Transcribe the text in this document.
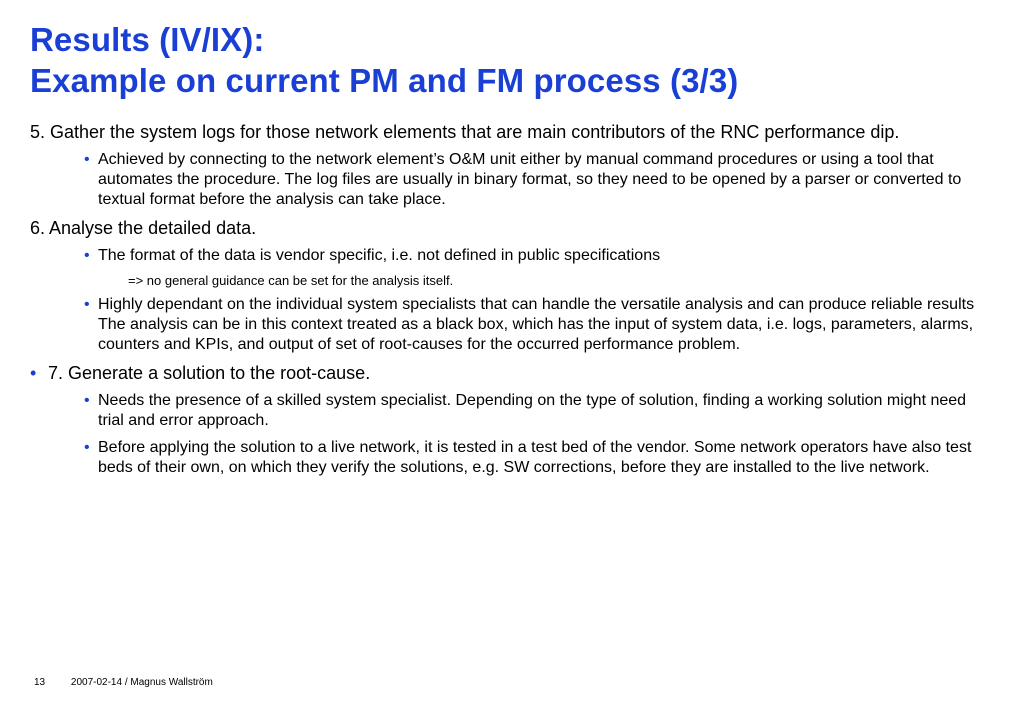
Results (IV/IX):
Example on current PM and FM process (3/3)

5. Gather the system logs for those network elements that are main contributors of the RNC performance dip.

• Achieved by connecting to the network element’s O&M unit either by manual command procedures or using a tool that automates the procedure. The log files are usually in binary format, so they need to be opened by a parser or converted to textual format before the analysis can take place.

6. Analyse the detailed data.

• The format of the data is vendor specific, i.e. not defined in public specifications

=> no general guidance can be set for the analysis itself.

• Highly dependant on the individual system specialists that can handle the versatile analysis and can produce reliable results The analysis can be in this context treated as a black box, which has the input of system data, i.e. logs, parameters, alarms, counters and KPIs, and output of set of root-causes for the occurred performance problem.
• 7. Generate a solution to the root-cause.
• Needs the presence of a skilled system specialist. Depending on the type of solution, finding a working solution might need trial and error approach.
• Before applying the solution to a live network, it is tested in a test bed of the vendor. Some network operators have also test beds of their own, on which they verify the solutions, e.g. SW corrections, before they are installed to the live network.
13	2007-02-14 / Magnus Wallström
